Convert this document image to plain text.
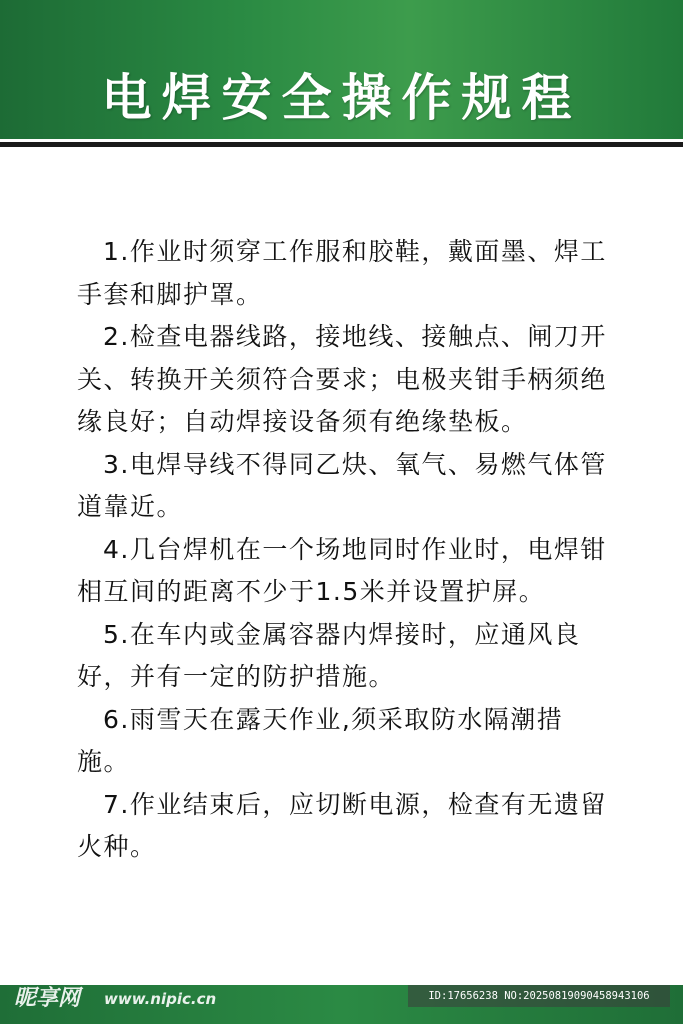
电焊安全操作规程

1.作业时须穿工作服和胶鞋，戴面墨、焊工手套和脚护罩。

2.检查电器线路，接地线、接触点、闸刀开关、转换开关须符合要求；电极夹钳手柄须绝缘良好；自动焊接设备须有绝缘垫板。

3.电焊导线不得同乙炔、氧气、易燃气体管道靠近。

4.几台焊机在一个场地同时作业时，电焊钳相互间的距离不少于1.5米并设置护屏。

5.在车内或金属容器内焊接时，应通风良好，并有一定的防护措施。

6.雨雪天在露天作业,须采取防水隔潮措施。

7.作业结束后，应切断电源，检查有无遗留火种。

昵享网 www.nipic.cn	ID:17656238 NO:20250819090458943106
